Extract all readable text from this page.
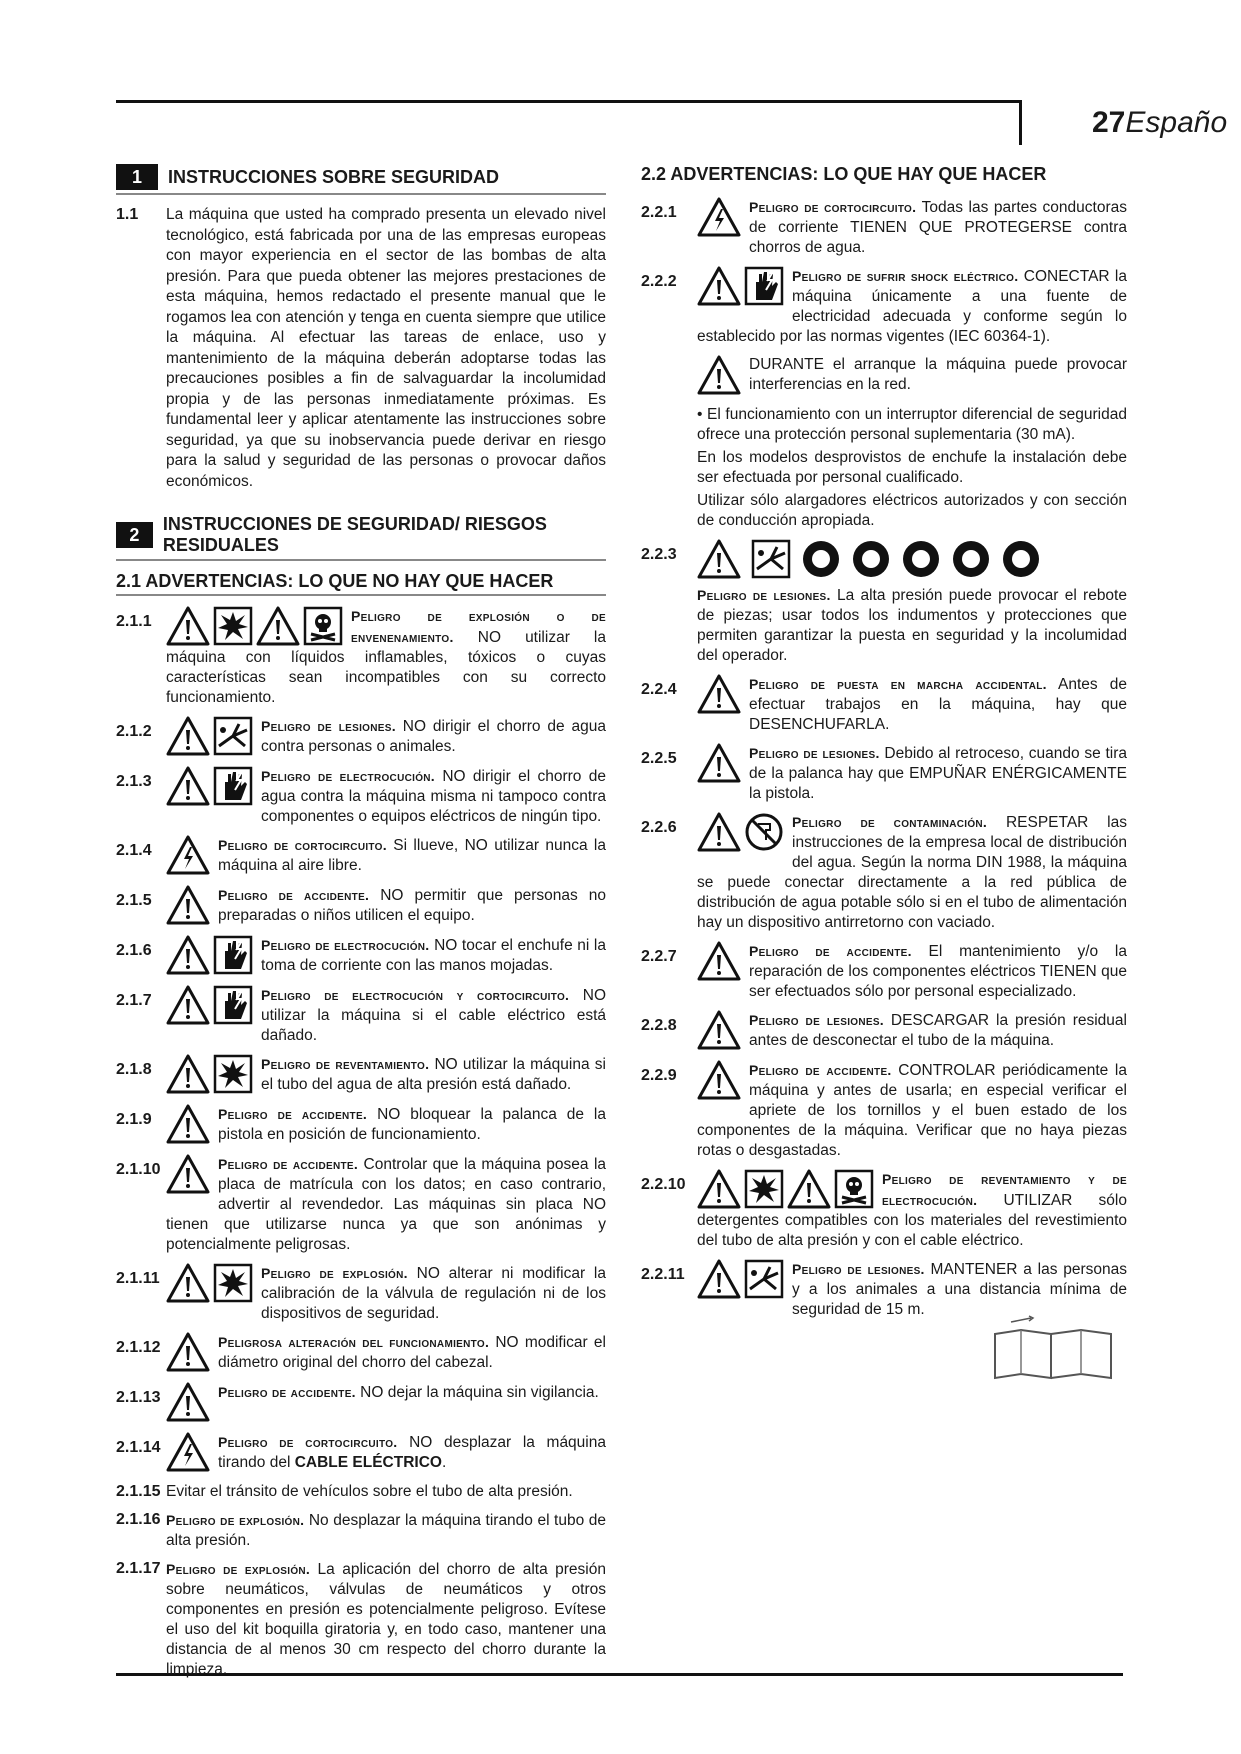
27Españo
1	INSTRUCCIONES SOBRE SEGURIDAD

1.1 La máquina que usted ha comprado presenta un elevado nivel tecnológico, está fabricada por una de las empresas europeas con mayor experiencia en el sector de las bombas de alta presión. Para que pueda obtener las mejores prestaciones de esta máquina, hemos redactado el presente manual que le rogamos lea con atención y tenga en cuenta siempre que utilice la máquina. Al efectuar las tareas de enlace, uso y mantenimiento de la máquina deberán adoptarse todas las precauciones posibles a fin de salvaguardar la incolumidad propia y de las personas inmediatamente próximas. Es fundamental leer y aplicar atentamente las instrucciones sobre seguridad, ya que su inobservancia puede derivar en riesgo para la salud y seguridad de las personas o provocar daños económicos.

2
INSTRUCCIONES DE SEGURIDAD/ RIESGOS RESIDUALES
2.1 ADVERTENCIAS: LO QUE NO HAY QUE HACER
2.1.1	Peligro de explosión o de envenenamiento. NO utilizar la máquina con líquidos inflamables, tóxicos o cuyas características sean incompatibles con su correcto funcionamiento.
2.1.2	Peligro de lesiones. NO dirigir el chorro de agua contra personas o animales.
2.1.3	Peligro de electrocución. NO dirigir el chorro de agua contra la máquina misma ni tampoco contra componentes o equipos eléctricos de ningún tipo.
2.1.4	Peligro de cortocircuito. Si llueve, NO utilizar nunca la máquina al aire libre.
2.1.5	Peligro de accidente. NO permitir que personas no preparadas o niños utilicen el equipo.
2.1.6	Peligro de electrocución. NO tocar el enchufe ni la toma de corriente con las manos mojadas.
2.1.7	Peligro de electrocución y cortocircuito. NO utilizar la máquina si el cable eléctrico está dañado.
2.1.8	Peligro de reventamiento. NO utilizar la máquina si el tubo del agua de alta presión está dañado.
2.1.9	Peligro de accidente. NO bloquear la palanca de la pistola en posición de funcionamiento.
2.1.10	Peligro de accidente. Controlar que la máquina posea la placa de matrícula con los datos; en caso contrario, advertir al revendedor. Las máquinas sin placa NO tienen que utilizarse nunca ya que son anónimas y potencialmente peligrosas.
2.1.11	Peligro de explosión. NO alterar ni modificar la calibración de la válvula de regulación ni de los dispositivos de seguridad.
2.1.12	Peligrosa alteración del funcionamiento. NO modificar el diámetro original del chorro del cabezal.
2.1.13	Peligro de accidente. NO dejar la máquina sin vigilancia.
2.1.14	Peligro de cortocircuito. NO desplazar la máquina tirando del CABLE ELÉCTRICO.
2.1.15 Evitar el tránsito de vehículos sobre el tubo de alta presión.
2.1.16 Peligro de explosión. No desplazar la máquina tirando el tubo de alta presión.
2.1.17 Peligro de explosión. La aplicación del chorro de alta presión sobre neumáticos, válvulas de neumáticos y otros componentes en presión es potencialmente peligroso. Evítese el uso del kit boquilla giratoria y, en todo caso, mantener una distancia de al menos 30 cm respecto del chorro durante la limpieza.
2.2 ADVERTENCIAS: LO QUE HAY QUE HACER
2.2.1	Peligro de cortocircuito. Todas las partes conductoras de corriente TIENEN QUE PROTEGERSE contra chorros de agua.
2.2.2	Peligro de sufrir shock eléctrico. CONECTAR la máquina únicamente a una fuente de electricidad adecuada y conforme según lo establecido por las normas vigentes (IEC 60364-1).
DURANTE el arranque la máquina puede provocar interferencias en la red.

• El funcionamiento con un interruptor diferencial de seguridad ofrece una protección personal suplementaria (30 mA).

En los modelos desprovistos de enchufe la instalación debe ser efectuada por personal cualificado.

Utilizar sólo alargadores eléctricos autorizados y con sección de conducción apropiada.

2.2.3
Peligro de lesiones. La alta presión puede provocar el rebote de piezas; usar todos los indumentos y protecciones que permiten garantizar la puesta en seguridad y la incolumidad del operador.
2.2.4	Peligro de puesta en marcha accidental. Antes de efectuar trabajos en la máquina, hay que DESENCHUFARLA.
2.2.5	Peligro de lesiones. Debido al retroceso, cuando se tira de la palanca hay que EMPUÑAR ENÉRGICAMENTE la pistola.
2.2.6	Peligro de contaminación. RESPETAR las instrucciones de la empresa local de distribución del agua. Según la norma DIN 1988, la máquina se puede conectar directamente a la red pública de distribución de agua potable sólo si en el tubo de alimentación hay un dispositivo antirretorno con vaciado.
2.2.7	Peligro de accidente. El mantenimiento y/o la reparación de los componentes eléctricos TIENEN que ser efectuados sólo por personal especializado.
2.2.8	Peligro de lesiones. DESCARGAR la presión residual antes de desconectar el tubo de la máquina.
2.2.9	Peligro de accidente. CONTROLAR periódicamente la máquina y antes de usarla; en especial verificar el apriete de los tornillos y el buen estado de los componentes de la máquina. Verificar que no haya piezas rotas o desgastadas.
2.2.10	Peligro de reventamiento y de electrocución. UTILIZAR sólo detergentes compatibles con los materiales del revestimiento del tubo de alta presión y con el cable eléctrico.
2.2.11	Peligro de lesiones. MANTENER a las personas y a los animales a una distancia mínima de seguridad de 15 m.
